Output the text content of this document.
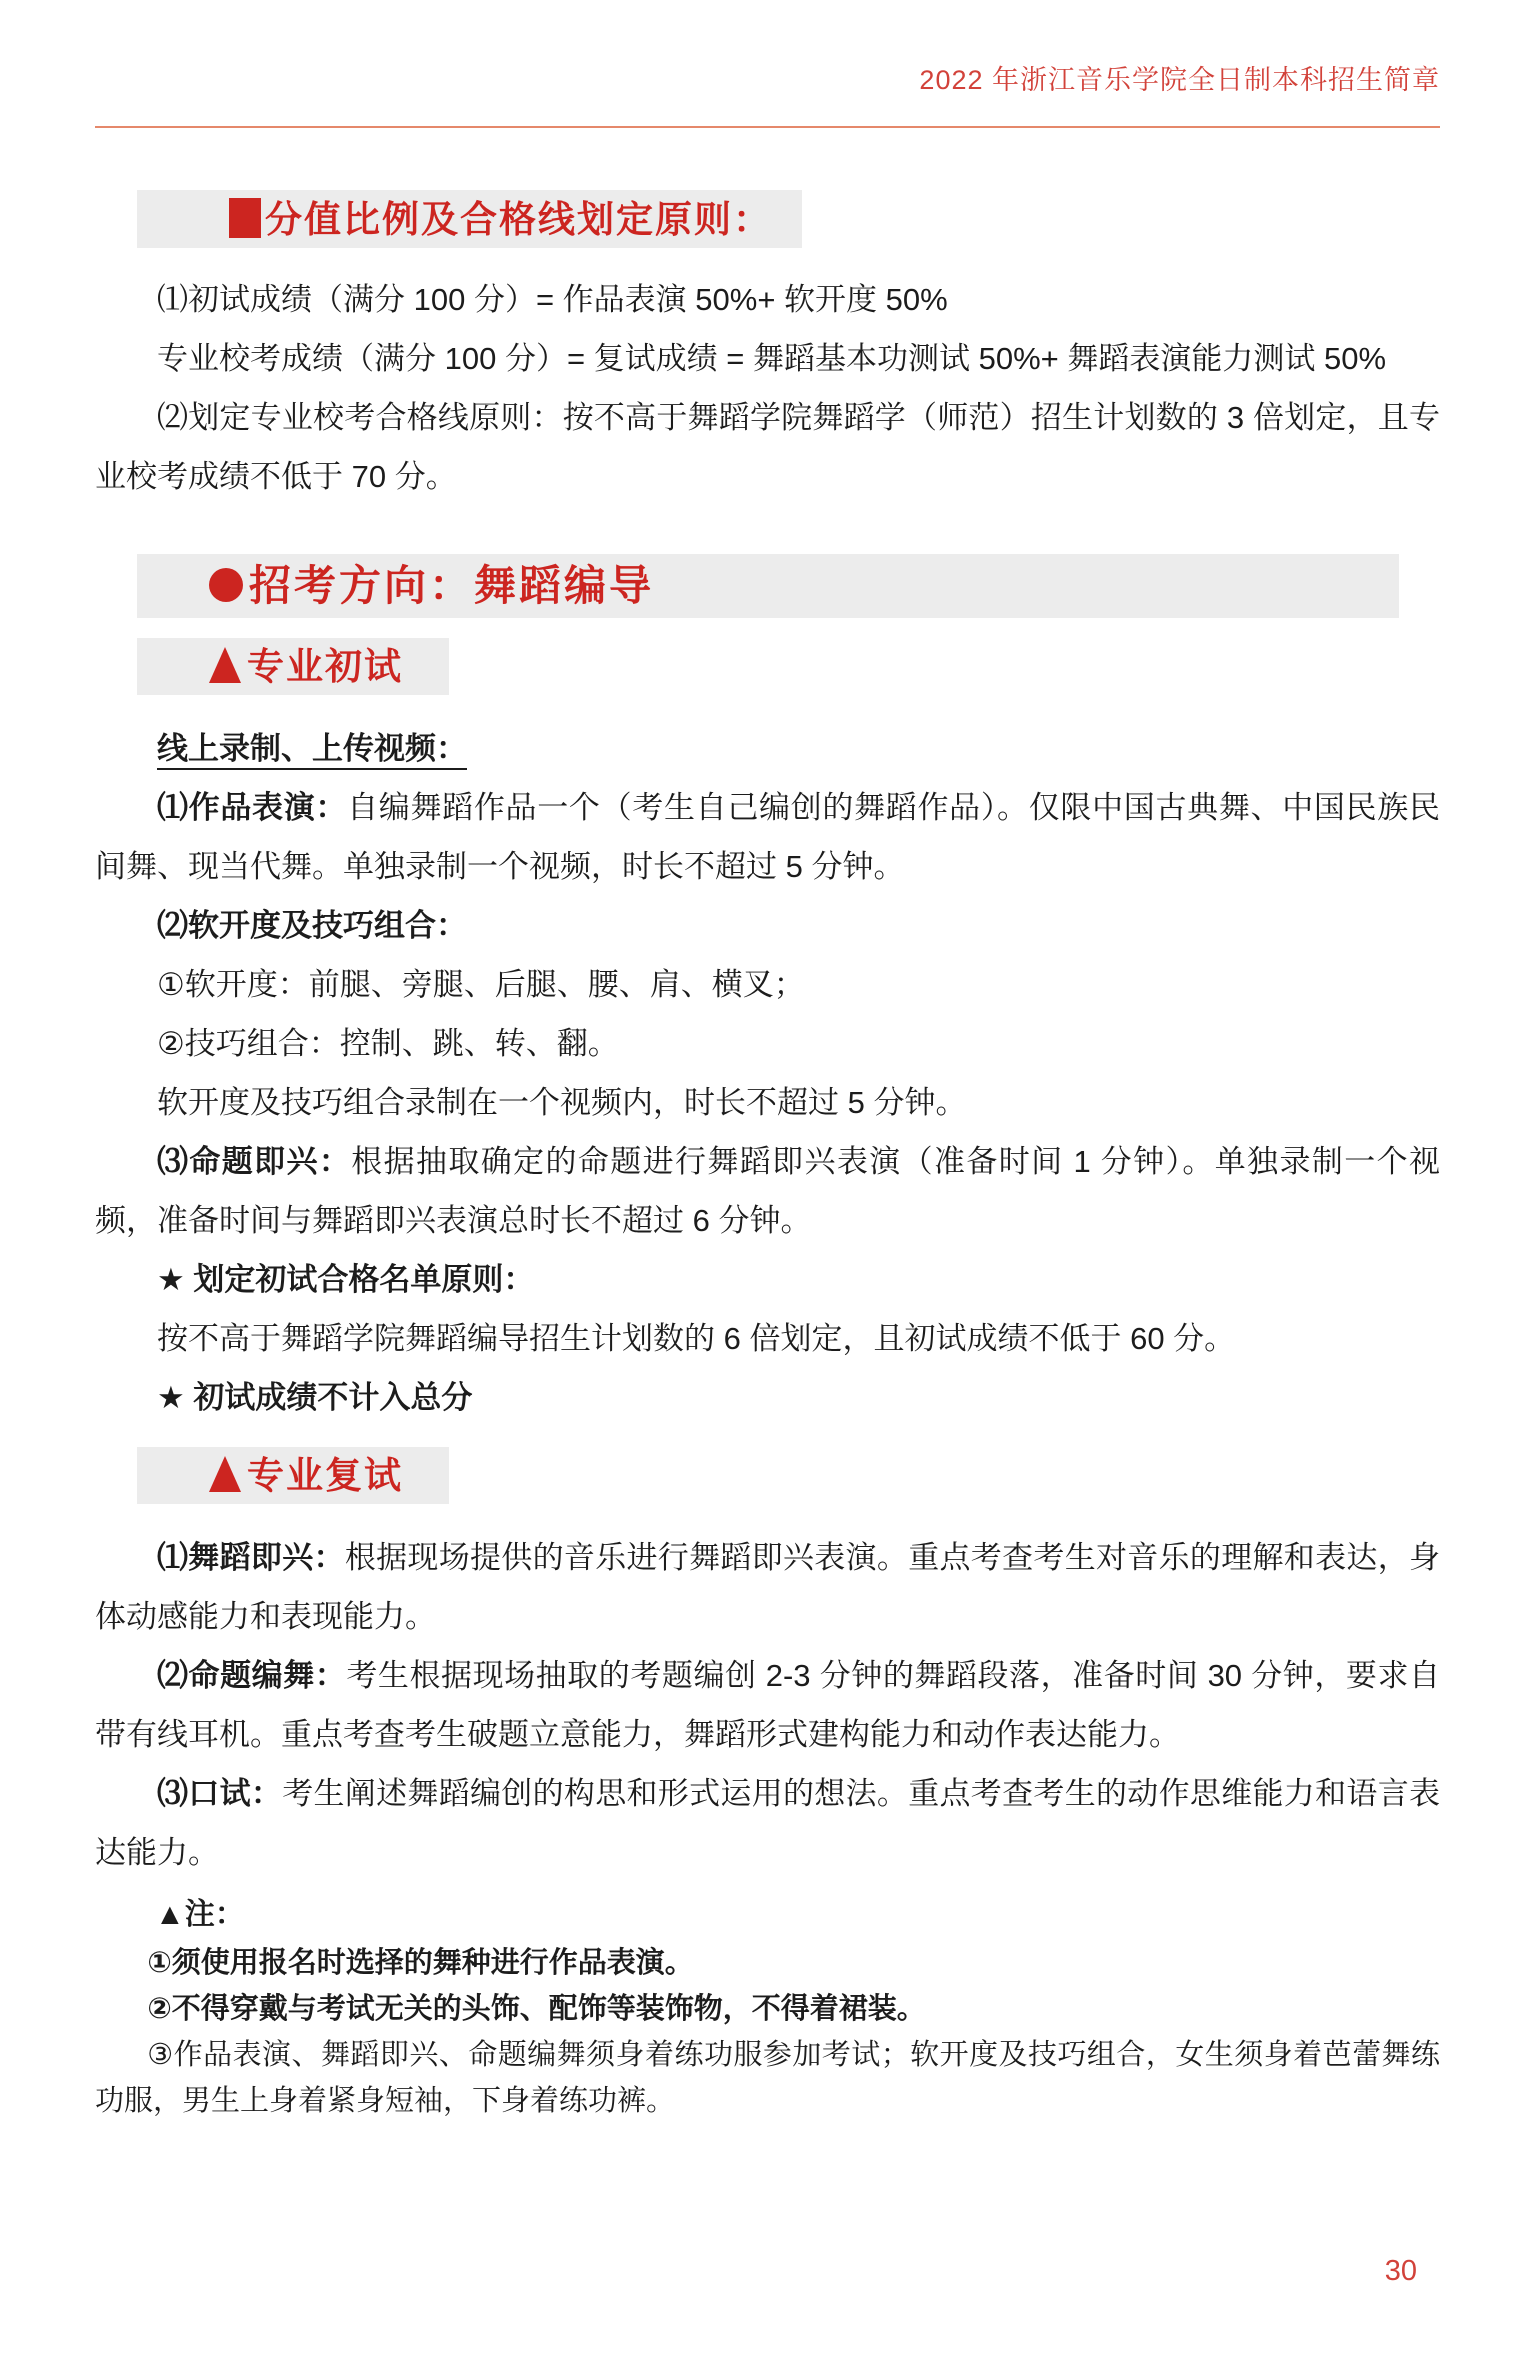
2022 年浙江音乐学院全日制本科招生简章
分值比例及合格线划定原则：

⑴初试成绩（满分 100 分）= 作品表演 50%+ 软开度 50%

专业校考成绩（满分 100 分）= 复试成绩 = 舞蹈基本功测试 50%+ 舞蹈表演能力测试 50%

⑵划定专业校考合格线原则：按不高于舞蹈学院舞蹈学（师范）招生计划数的 3 倍划定，且专业校考成绩不低于 70 分。

招考方向：舞蹈编导
专业初试

线上录制、上传视频：

⑴作品表演：自编舞蹈作品一个（考生自己编创的舞蹈作品）。仅限中国古典舞、中国民族民间舞、现当代舞。单独录制一个视频，时长不超过 5 分钟。

⑵软开度及技巧组合：

①软开度：前腿、旁腿、后腿、腰、肩、横叉；

②技巧组合：控制、跳、转、翻。

软开度及技巧组合录制在一个视频内，时长不超过 5 分钟。

⑶命题即兴：根据抽取确定的命题进行舞蹈即兴表演（准备时间 1 分钟）。单独录制一个视频，准备时间与舞蹈即兴表演总时长不超过 6 分钟。

★ 划定初试合格名单原则：

按不高于舞蹈学院舞蹈编导招生计划数的 6 倍划定，且初试成绩不低于 60 分。

★ 初试成绩不计入总分

专业复试

⑴舞蹈即兴：根据现场提供的音乐进行舞蹈即兴表演。重点考查考生对音乐的理解和表达，身体动感能力和表现能力。

⑵命题编舞：考生根据现场抽取的考题编创 2-3 分钟的舞蹈段落，准备时间 30 分钟，要求自带有线耳机。重点考查考生破题立意能力，舞蹈形式建构能力和动作表达能力。

⑶口试：考生阐述舞蹈编创的构思和形式运用的想法。重点考查考生的动作思维能力和语言表达能力。

▲注：

①须使用报名时选择的舞种进行作品表演。

②不得穿戴与考试无关的头饰、配饰等装饰物，不得着裙装。

③作品表演、舞蹈即兴、命题编舞须身着练功服参加考试；软开度及技巧组合，女生须身着芭蕾舞练功服，男生上身着紧身短袖，下身着练功裤。

30
